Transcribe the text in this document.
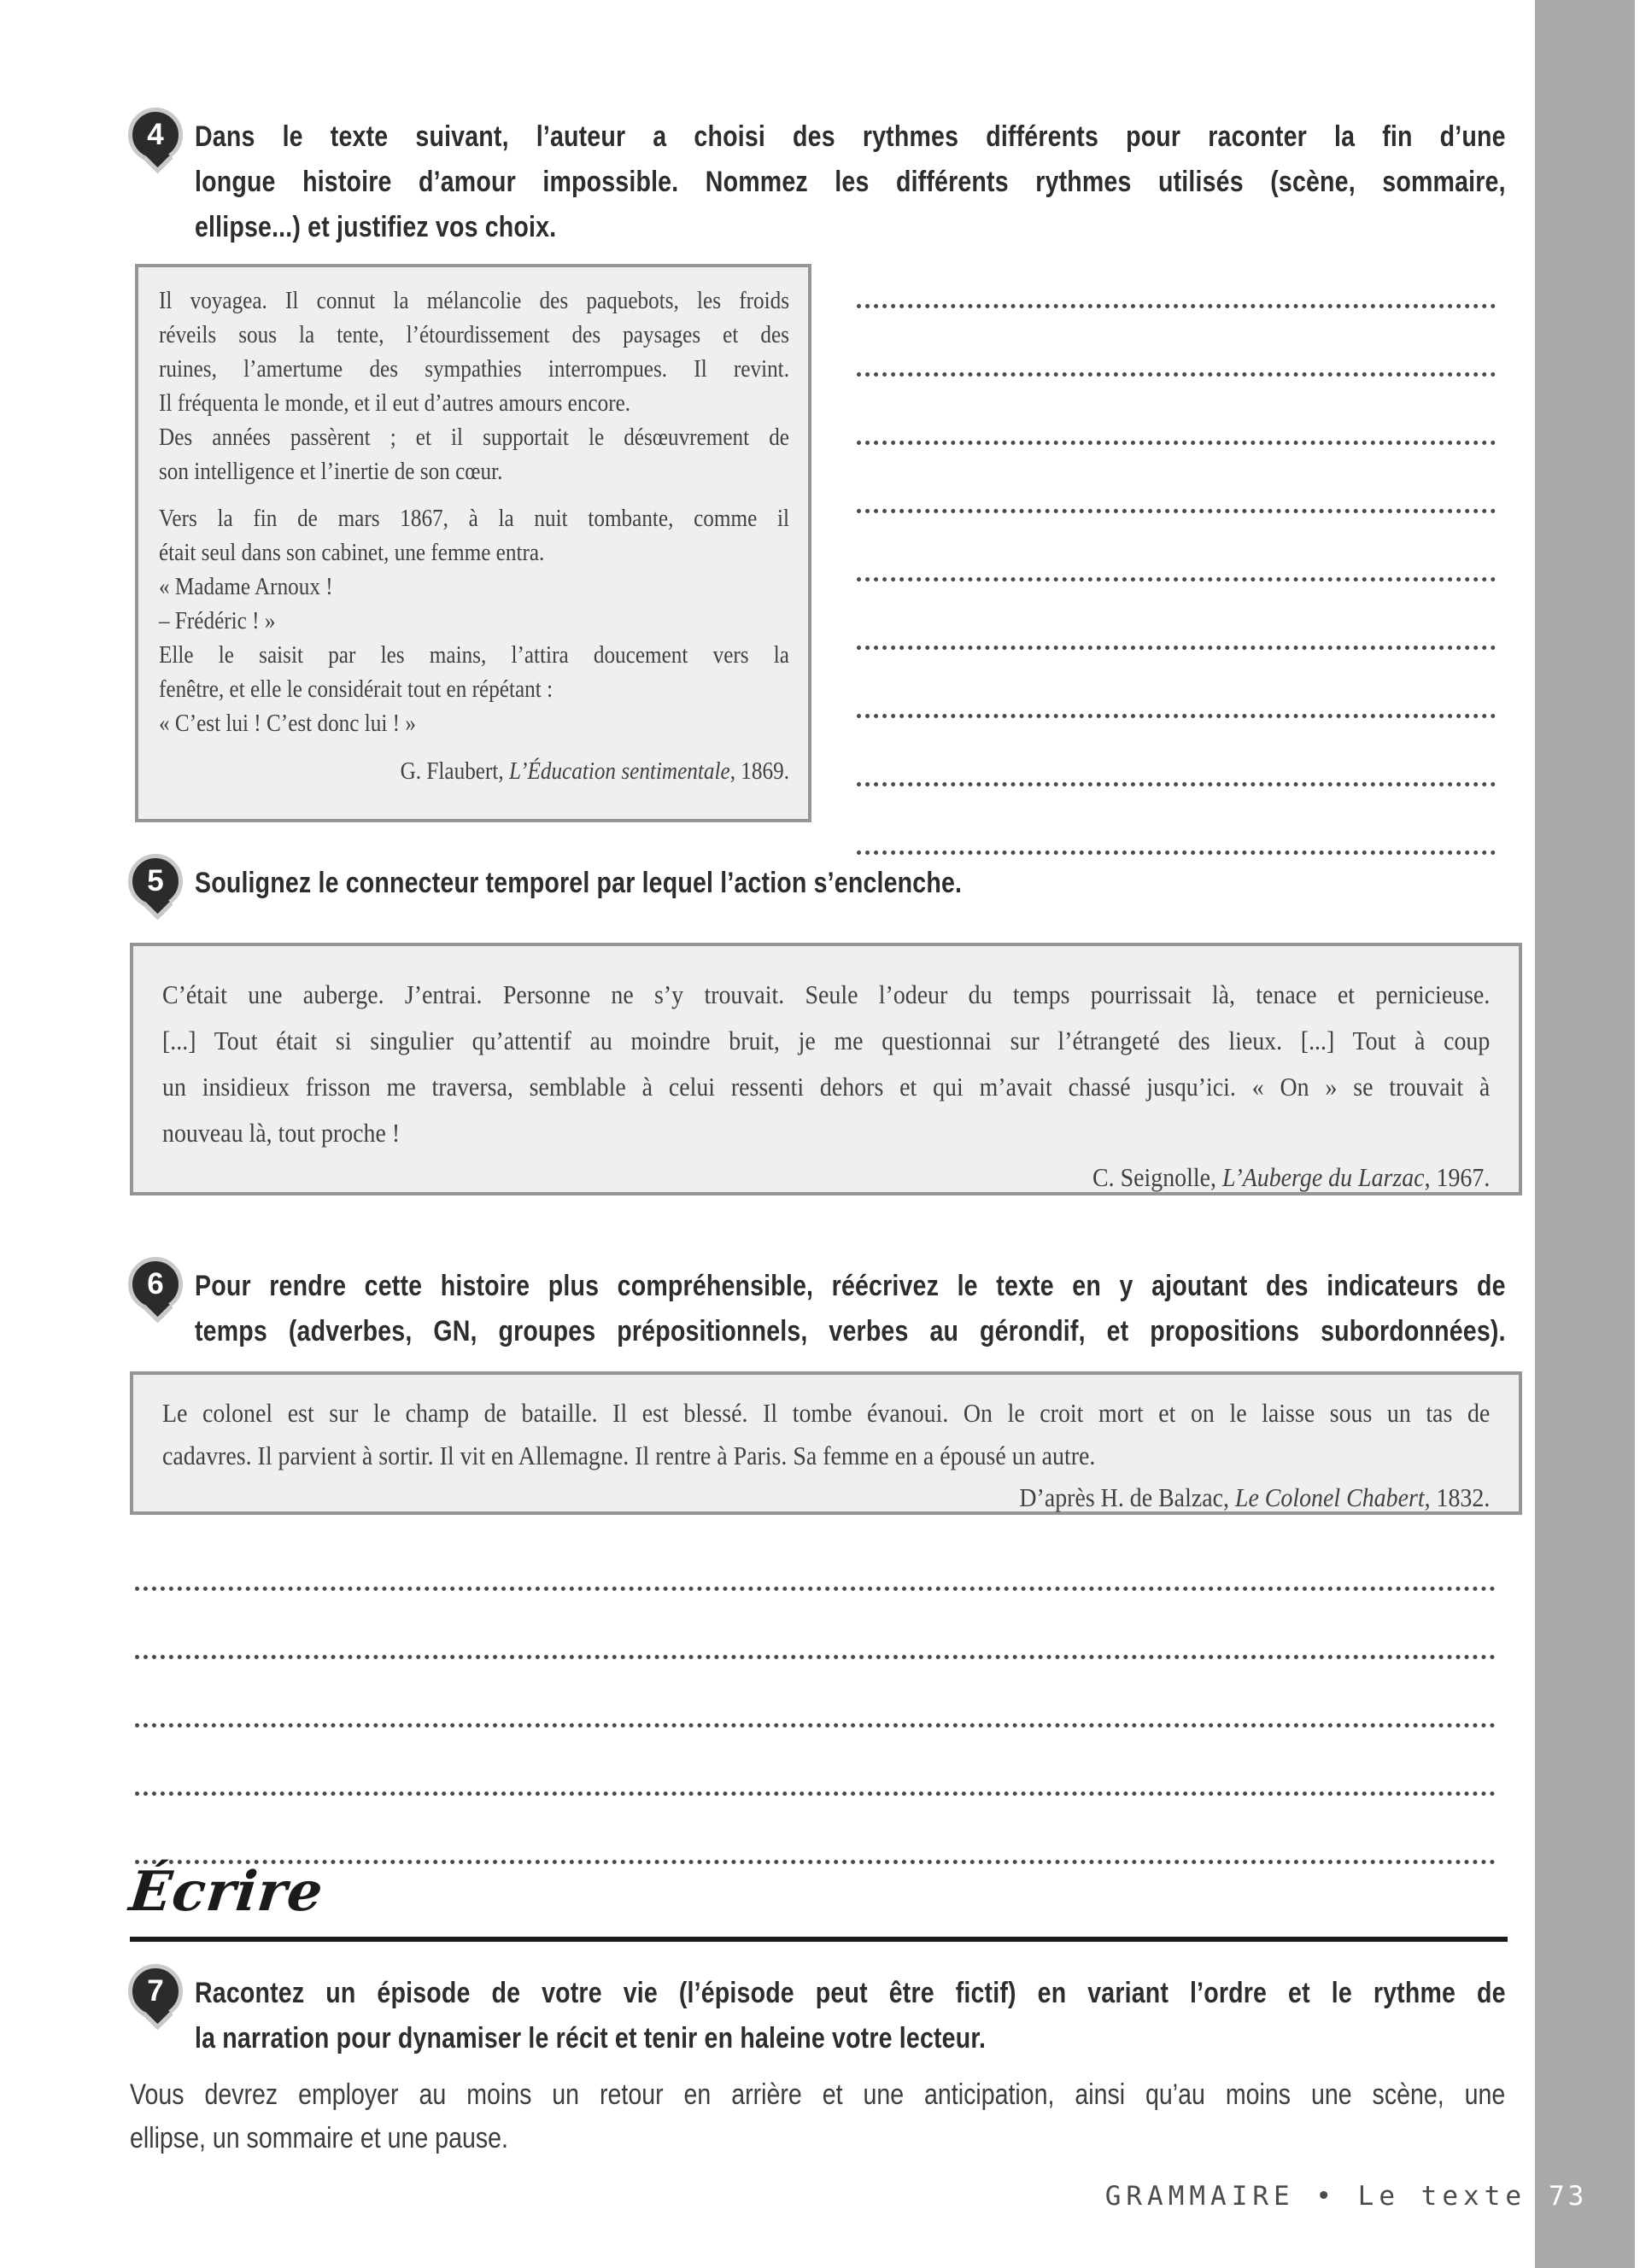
4	Dans le texte suivant, l’auteur a choisi des rythmes différents pour raconter la fin d’une
longue histoire d’amour impossible. Nommez les différents rythmes utilisés (scène, sommaire,
ellipse...) et justifiez vos choix.
Il voyagea. Il connut la mélancolie des paquebots, les froids
réveils sous la tente, l’étourdissement des paysages et des
ruines, l’amertume des sympathies interrompues. Il revint.
Il fréquenta le monde, et il eut d’autres amours encore.
Des années passèrent ; et il supportait le désœuvrement de
son intelligence et l’inertie de son cœur.
Vers la fin de mars 1867, à la nuit tombante, comme il
était seul dans son cabinet, une femme entra.
« Madame Arnoux !
– Frédéric ! »
Elle le saisit par les mains, l’attira doucement vers la
fenêtre, et elle le considérait tout en répétant :
« C’est lui ! C’est donc lui ! »
G. Flaubert, L’Éducation sentimentale, 1869.
5	Soulignez le connecteur temporel par lequel l’action s’enclenche.
C’était une auberge. J’entrai. Personne ne s’y trouvait. Seule l’odeur du temps pourrissait là, tenace et pernicieuse.
[...] Tout était si singulier qu’attentif au moindre bruit, je me questionnai sur l’étrangeté des lieux. [...] Tout à coup
un insidieux frisson me traversa, semblable à celui ressenti dehors et qui m’avait chassé jusqu’ici. « On » se trouvait à
nouveau là, tout proche !
C. Seignolle, L’Auberge du Larzac, 1967.
6	Pour rendre cette histoire plus compréhensible, réécrivez le texte en y ajoutant des indicateurs de
temps (adverbes, GN, groupes prépositionnels, verbes au gérondif, et propositions subordonnées).
Le colonel est sur le champ de bataille. Il est blessé. Il tombe évanoui. On le croit mort et on le laisse sous un tas de
cadavres. Il parvient à sortir. Il vit en Allemagne. Il rentre à Paris. Sa femme en a épousé un autre.
D’après H. de Balzac, Le Colonel Chabert, 1832.
Écrire
7	Racontez un épisode de votre vie (l’épisode peut être fictif) en variant l’ordre et le rythme de
la narration pour dynamiser le récit et tenir en haleine votre lecteur.
Vous devrez employer au moins un retour en arrière et une anticipation, ainsi qu’au moins une scène, une
ellipse, un sommaire et une pause.
GRAMMAIRE • Le texte 73
